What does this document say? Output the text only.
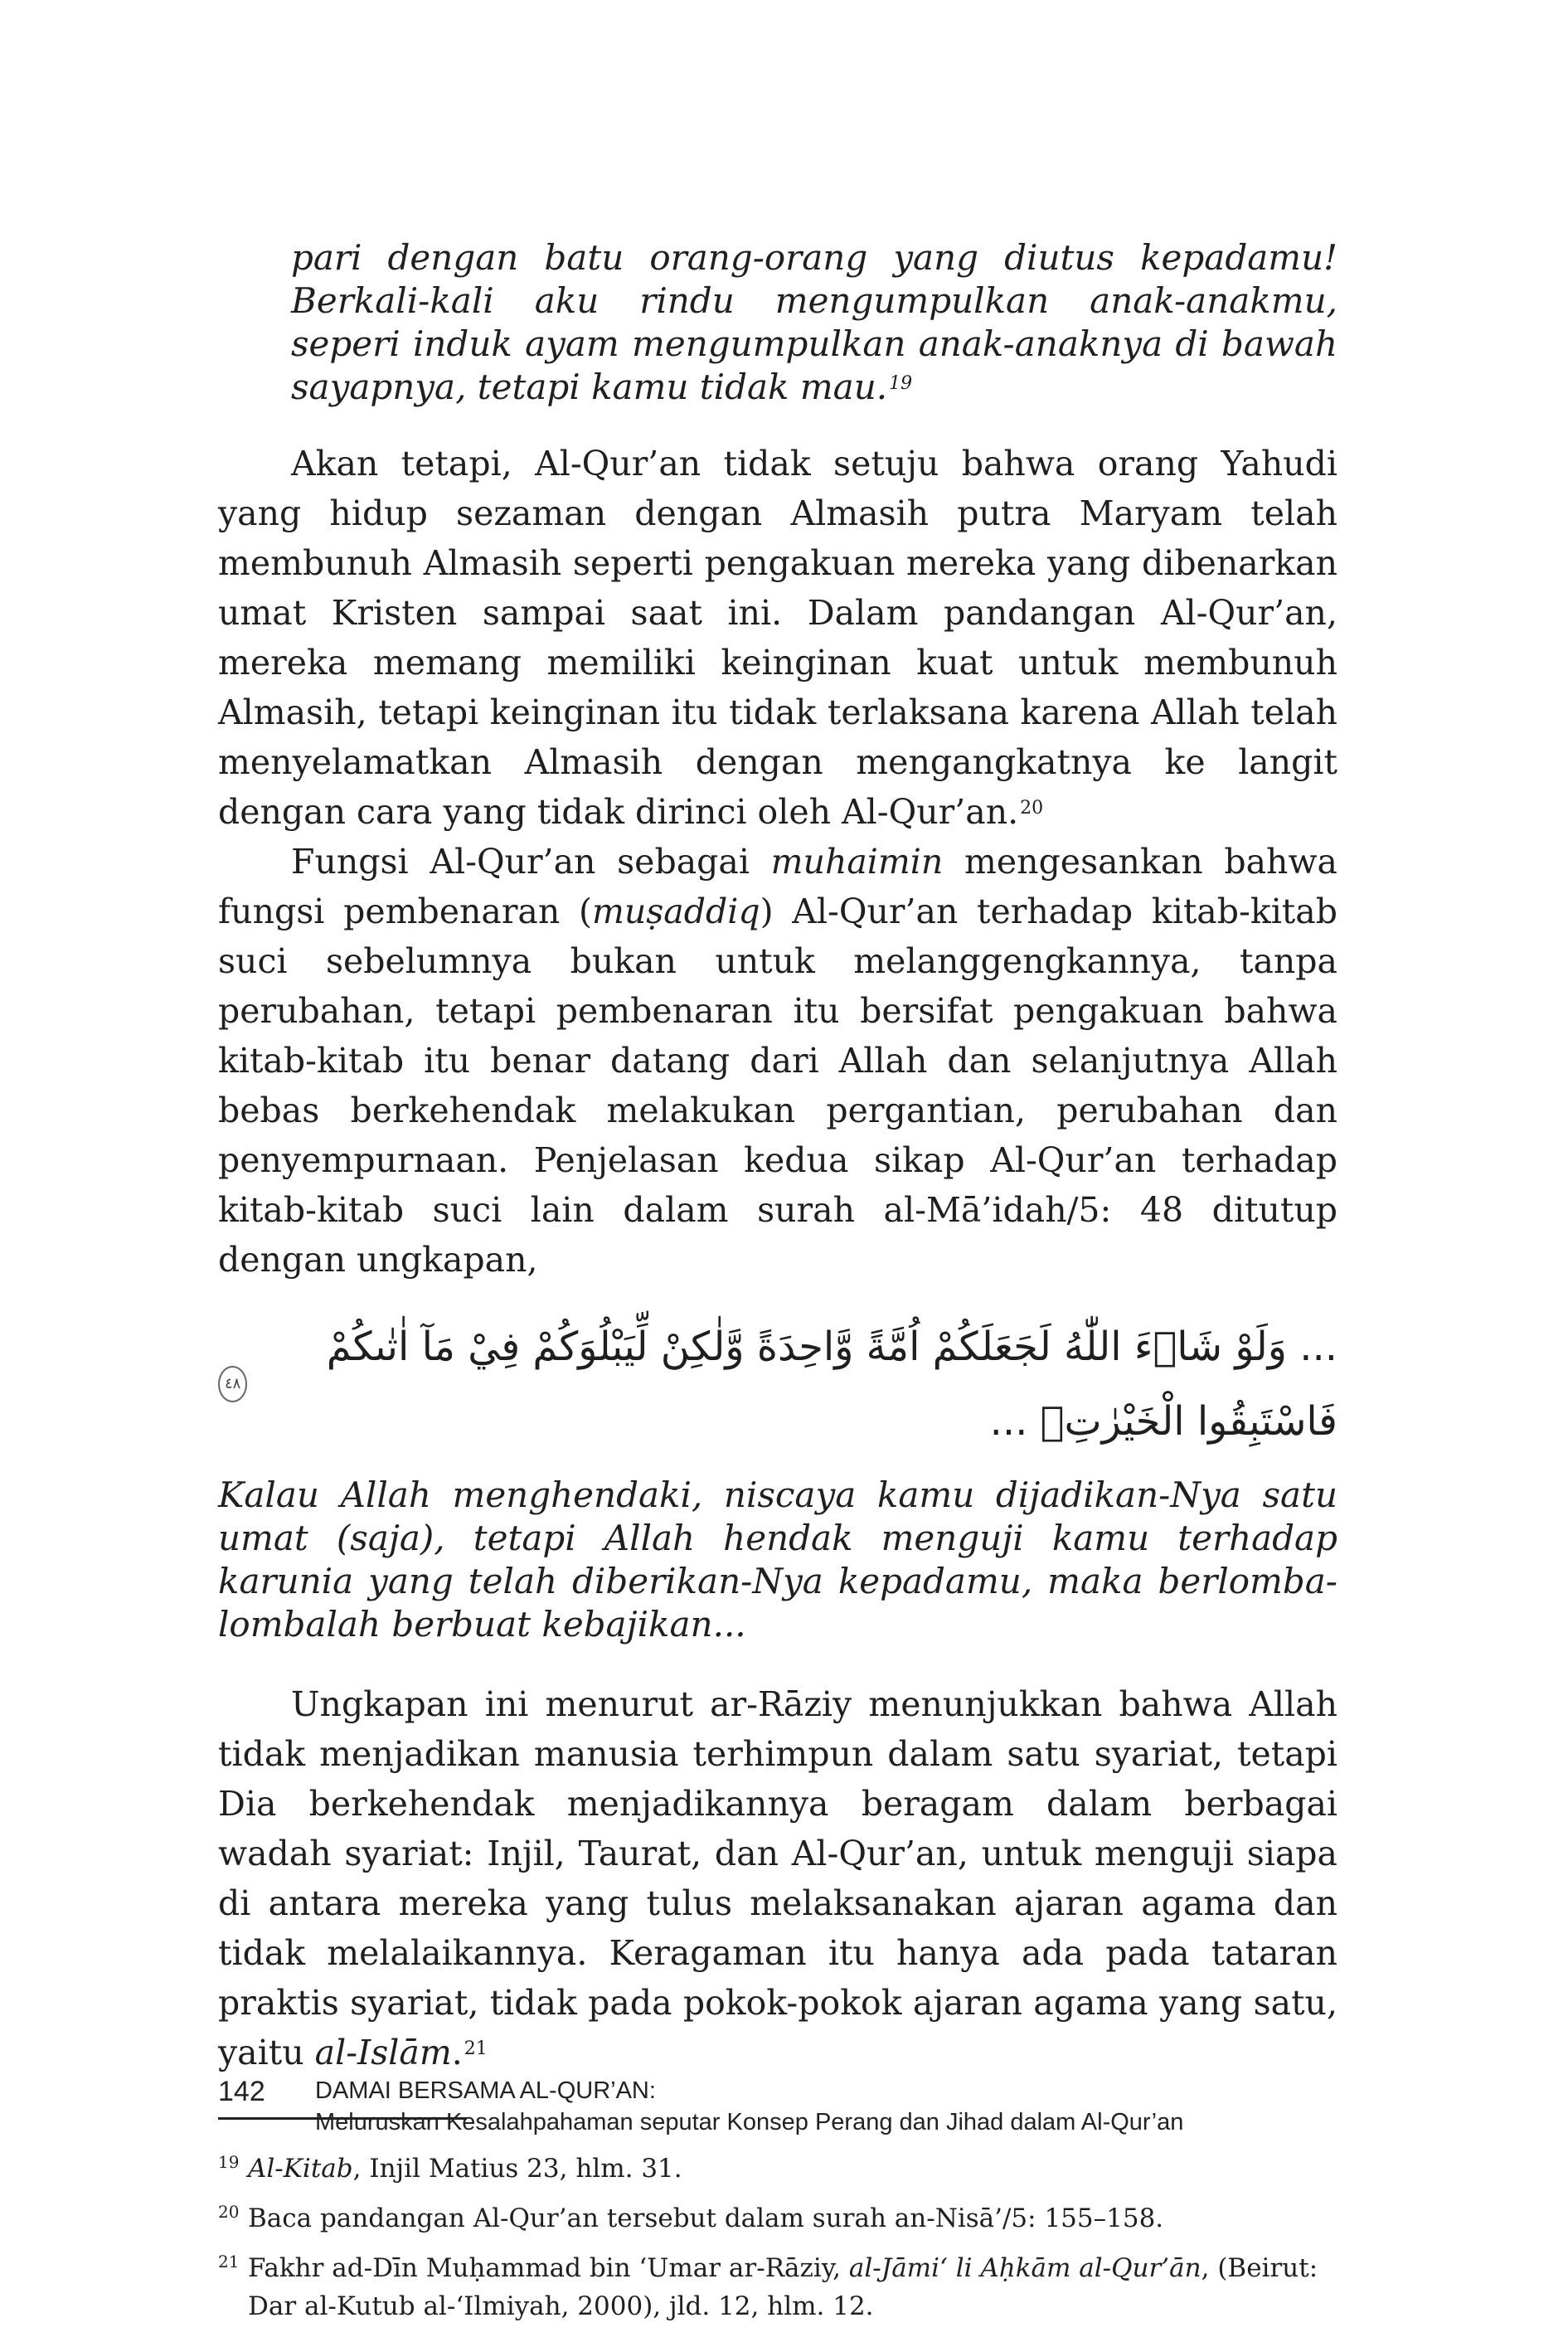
pari dengan batu orang-orang yang diutus kepadamu! Berkali-kali aku rindu mengumpulkan anak-anakmu, seperi induk ayam mengumpulkan anak-anaknya di bawah sayapnya, tetapi kamu tidak mau.$^{19}$

Akan tetapi, Al-Qur’an tidak setuju bahwa orang Yahudi yang hidup sezaman dengan Almasih putra Maryam telah membunuh Almasih seperti pengakuan mereka yang dibenarkan umat Kristen sampai saat ini. Dalam pandangan Al-Qur’an, mereka memang memiliki keinginan kuat untuk membunuh Almasih, tetapi keinginan itu tidak terlaksana karena Allah telah menyelamatkan Almasih dengan mengangkatnya ke langit dengan cara yang tidak dirinci oleh Al-Qur’an.$^{20}$

Fungsi Al-Qur’an sebagai muhaimin mengesankan bahwa fungsi pembenaran (muṣaddiq) Al-Qur’an terhadap kitab-kitab suci sebelumnya bukan untuk melanggengkannya, tanpa perubahan, tetapi pembenaran itu bersifat pengakuan bahwa kitab-kitab itu benar datang dari Allah dan selanjutnya Allah bebas berkehendak melakukan pergantian, perubahan dan penyempurnaan. Penjelasan kedua sikap Al-Qur’an terhadap kitab-kitab suci lain dalam surah al-Mā’idah/5: 48 ditutup dengan ungkapan,

... وَلَوْ شَاۤءَ اللّٰهُ لَجَعَلَكُمْ اُمَّةً وَّاحِدَةً وَّلٰكِنْ لِّيَبْلُوَكُمْ فِيْ مَآ اٰتٰىكُمْ فَاسْتَبِقُوا الْخَيْرٰتِۗ ...
٤٨

Kalau Allah menghendaki, niscaya kamu dijadikan-Nya satu umat (saja), tetapi Allah hendak menguji kamu terhadap karunia yang telah diberikan-Nya kepadamu, maka berlomba-lombalah berbuat kebajikan...

Ungkapan ini menurut ar-Rāziy menunjukkan bahwa Allah tidak menjadikan manusia terhimpun dalam satu syariat, tetapi Dia berkehendak menjadikannya beragam dalam berbagai wadah syariat: Injil, Taurat, dan Al-Qur’an, untuk menguji siapa di antara mereka yang tulus melaksanakan ajaran agama dan tidak melalaikannya. Keragaman itu hanya ada pada tataran praktis syariat, tidak pada pokok-pokok ajaran agama yang satu, yaitu al-Islām.$^{21}$

19 Al-Kitab, Injil Matius 23, hlm. 31.
20 Baca pandangan Al-Qur’an tersebut dalam surah an-Nisā’/5: 155–158.
21 Fakhr ad-Dīn Muḥammad bin ‘Umar ar-Rāziy, al-Jāmi‘ li Aḥkām al-Qur’ān, (Beirut: Dar al-Kutub al-‘Ilmiyah, 2000), jld. 12, hlm. 12.
142	DAMAI BERSAMA AL-QUR’AN:
Meluruskan Kesalahpahaman seputar Konsep Perang dan Jihad dalam Al-Qur’an
